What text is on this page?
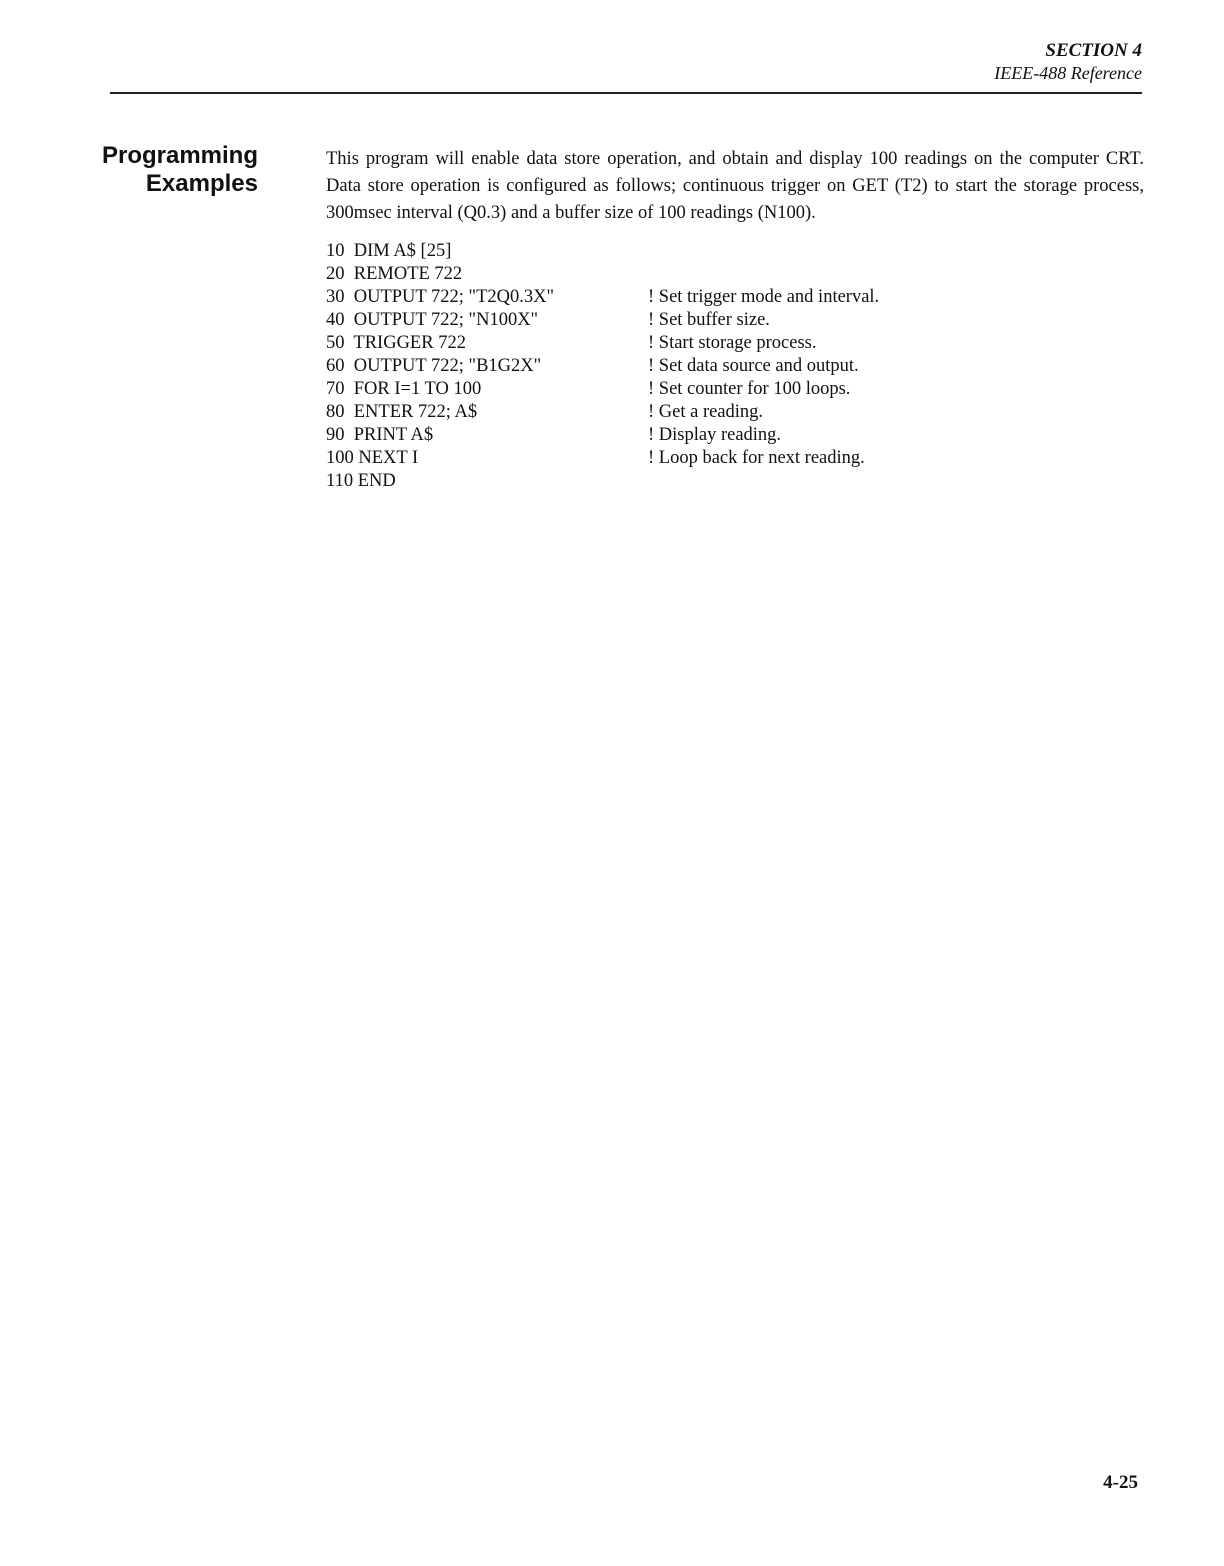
SECTION 4
IEEE-488 Reference
Programming
Examples

This program will enable data store operation, and obtain and display 100 readings on the computer CRT. Data store operation is configured as follows; continuous trigger on GET (T2) to start the storage process, 300msec interval (Q0.3) and a buffer size of 100 readings (N100).

10  DIM A$ [25]
20  REMOTE 722
30  OUTPUT 722; "T2Q0.3X"	! Set trigger mode and interval.
40  OUTPUT 722; "N100X"	! Set buffer size.
50  TRIGGER 722	! Start storage process.
60  OUTPUT 722; "B1G2X"	! Set data source and output.
70  FOR I=1 TO 100	! Set counter for 100 loops.
80  ENTER 722; A$	! Get a reading.
90  PRINT A$	! Display reading.
100 NEXT I	! Loop back for next reading.
110 END
4-25
